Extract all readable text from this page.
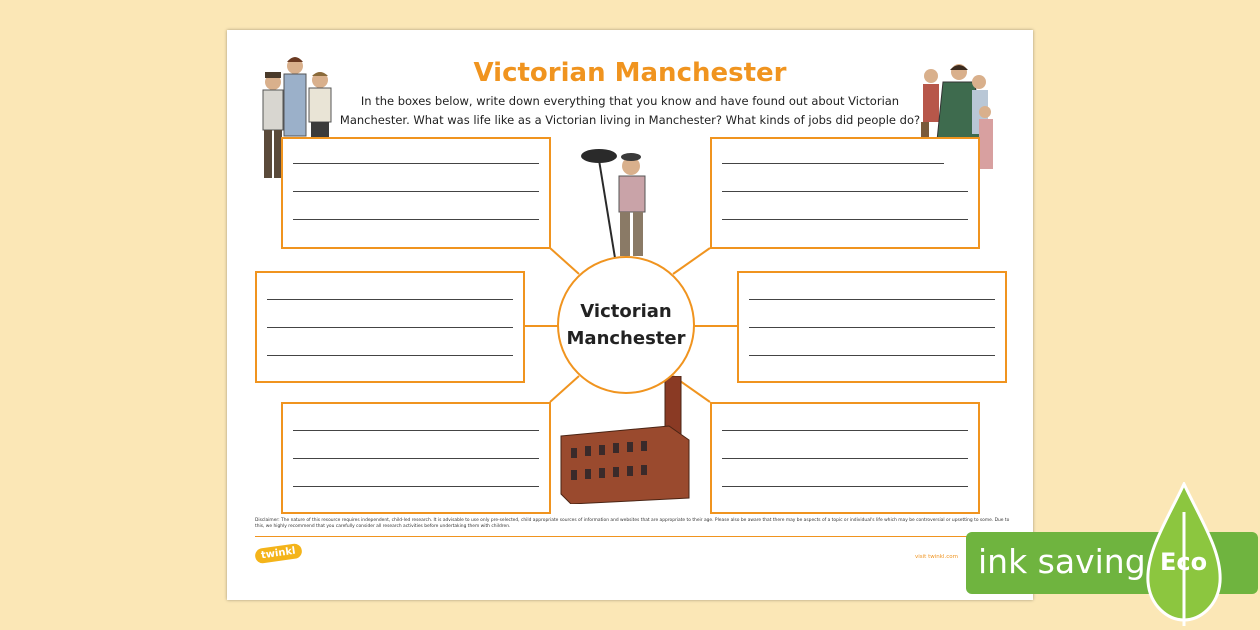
Victorian Manchester
In the boxes below, write down everything that you know and have found out about Victorian Manchester. What was life like as a Victorian living in Manchester? What kinds of jobs did people do?
Victorian Manchester
Disclaimer: The nature of this resource requires independent, child-led research. It is advisable to use only pre-selected, child appropriate sources of information and websites that are appropriate to their age. Please also be aware that there may be aspects of a topic or individual's life which may be controversial or upsetting to some. Due to this, we highly recommend that you carefully consider all research activities before undertaking them with children.
twinkl	visit twinkl.com ink saving Eco
